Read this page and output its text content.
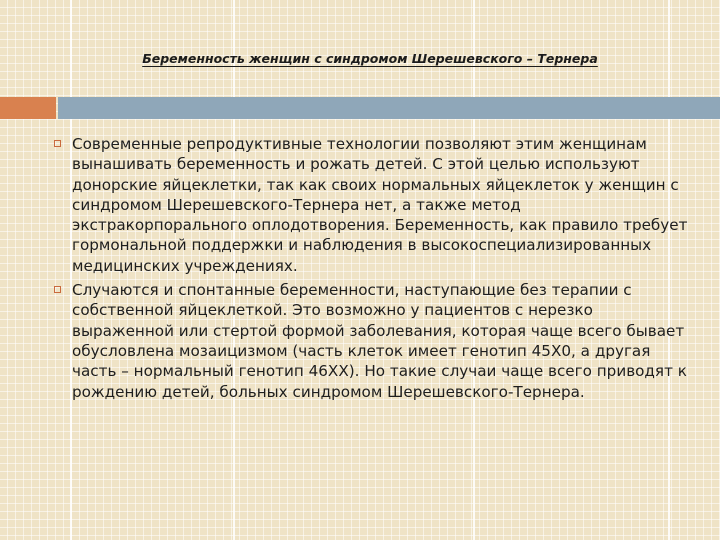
Беременность женщин с синдромом Шерешевского – Тернера
Современные репродуктивные технологии позволяют этим женщинам вынашивать беременность и рожать детей. С этой целью используют донорские яйцеклетки, так как своих нормальных яйцеклеток у женщин с синдромом Шерешевского-Тернера нет, а также метод экстракорпорального оплодотворения. Беременность, как правило требует гормональной поддержки и наблюдения в высокоспециализированных медицинских учреждениях.
Случаются и спонтанные беременности, наступающие без терапии с собственной яйцеклеткой. Это возможно у пациентов с нерезко выраженной или стертой формой заболевания, которая чаще всего бывает обусловлена мозаицизмом (часть клеток имеет генотип 45Х0, а другая часть – нормальный генотип 46ХХ). Но такие случаи чаще всего приводят к рождению детей, больных синдромом Шерешевского-Тернера.
